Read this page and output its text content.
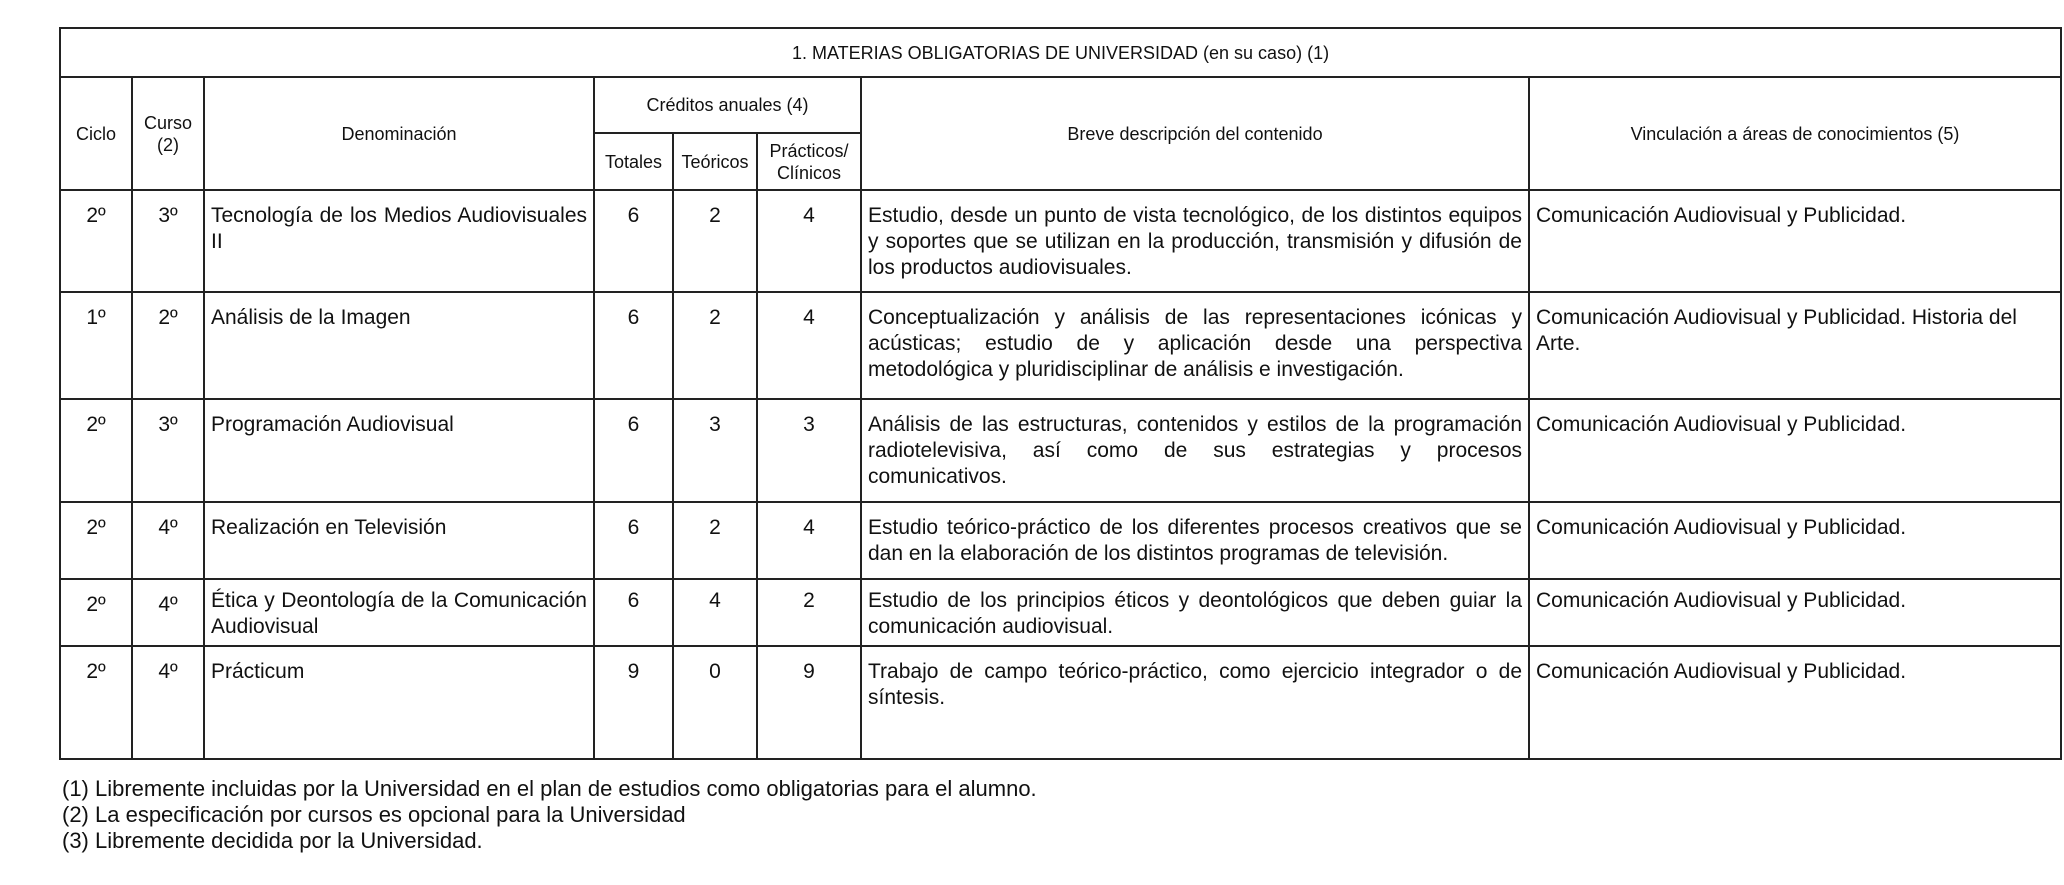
1. MATERIAS OBLIGATORIAS DE UNIVERSIDAD (en su caso) (1)							
Ciclo	Curso (2)	Denominación	Créditos anuales (4)			Breve descripción del contenido	Vinculación a áreas de conocimientos (5)
			Totales	Teóricos	Prácticos/ Clínicos		
2º	3º	Tecnología de los Medios Audiovisuales II	6	2	4	Estudio, desde un punto de vista tecnológico, de los distintos equipos y soportes que se utilizan en la producción, transmisión y difusión de los productos audiovisuales.	Comunicación Audiovisual y Publicidad.
1º	2º	Análisis de la Imagen	6	2	4	Conceptualización y análisis de las representaciones icónicas y acústicas; estudio de y aplicación desde una perspectiva metodológica y pluridisciplinar de análisis e investigación.	Comunicación Audiovisual y Publicidad. Historia del Arte.
2º	3º	Programación Audiovisual	6	3	3	Análisis de las estructuras, contenidos y estilos de la programación radiotelevisiva, así como de sus estrategias y procesos comunicativos.	Comunicación Audiovisual y Publicidad.
2º	4º	Realización en Televisión	6	2	4	Estudio teórico-práctico de los diferentes procesos creativos que se dan en la elaboración de los distintos programas de televisión.	Comunicación Audiovisual y Publicidad.
2º	4º	Ética y Deontología de la Comunicación Audiovisual	6	4	2	Estudio de los principios éticos y deontológicos que deben guiar la comunicación audiovisual.	Comunicación Audiovisual y Publicidad.
2º	4º	Prácticum	9	0	9	Trabajo de campo teórico-práctico, como ejercicio integrador o de síntesis.	Comunicación Audiovisual y Publicidad.
(1) Libremente incluidas por la Universidad en el plan de estudios como obligatorias para el alumno.
(2) La especificación por cursos es opcional para la Universidad
(3) Libremente decidida por la Universidad.
